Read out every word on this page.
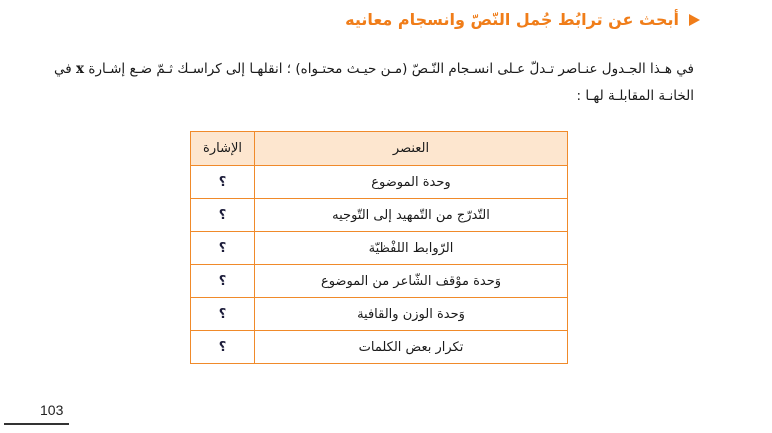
أبحث عن ترابُط جُمل النّصّ وانسجام معانيه
في هـذا الجـدول عنـاصر تـدلّ عـلى انسـجام النّـصّ (مـن حيـث محتـواه) ؛ انقلهـا إلى كراسـك ثـمّ ضـع إشـارة x في الخانـة المقابلـة لهـا :
العنصر	الإشارة
وحدة الموضوع	؟
التّدرّج من التّمهيد إلى التّوجيه	؟
الرّوابط اللفْظيّة	؟
وَحدة موْقف الشّاعر من الموضوع	؟
وَحدة الوزن والقافية	؟
تكرار بعض الكلمات	؟
103
